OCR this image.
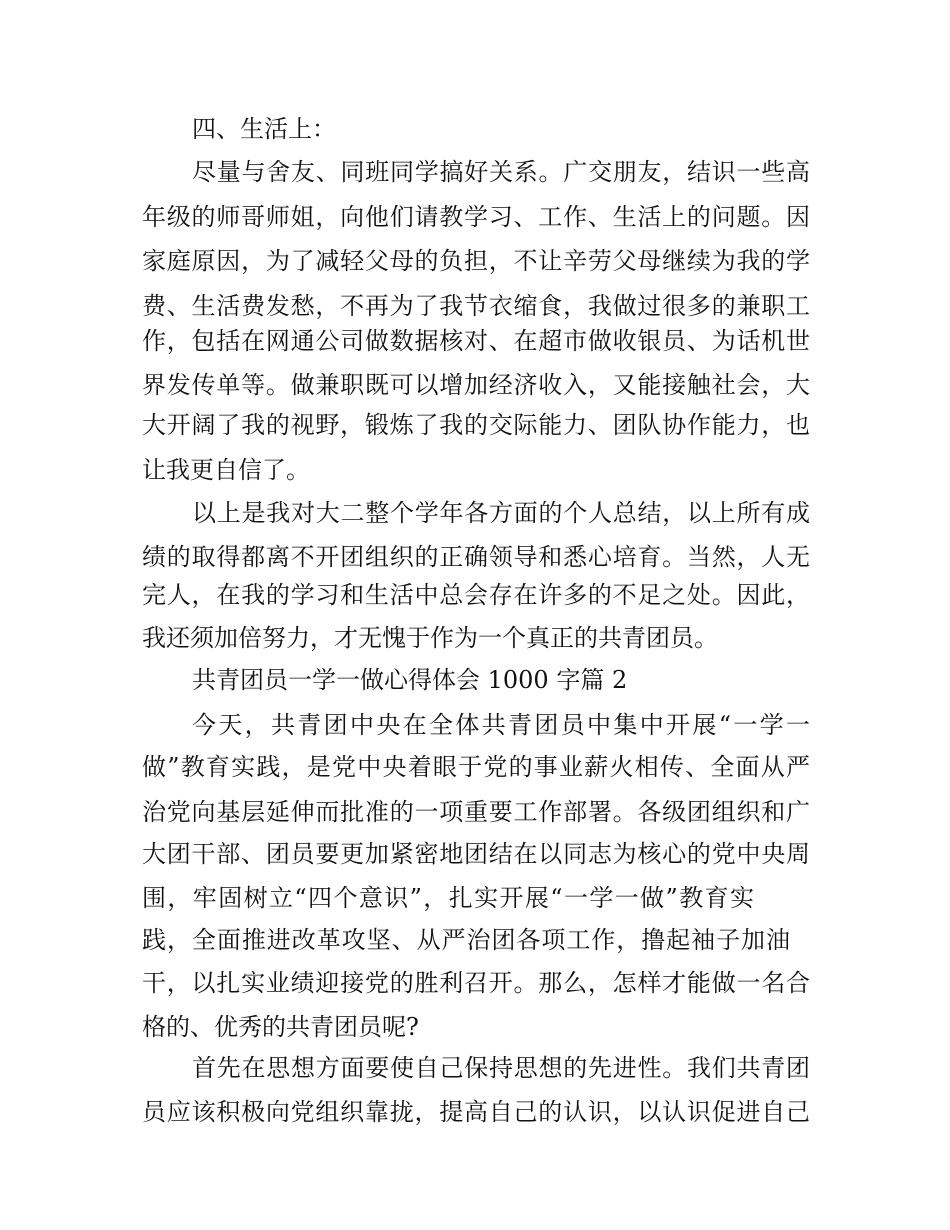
四、生活上：
尽量与舍友、同班同学搞好关系。广交朋友，结识一些高
年级的师哥师姐，向他们请教学习、工作、生活上的问题。因
家庭原因，为了减轻父母的负担，不让辛劳父母继续为我的学
费、生活费发愁，不再为了我节衣缩食，我做过很多的兼职工
作，包括在网通公司做数据核对、在超市做收银员、为话机世
界发传单等。做兼职既可以增加经济收入，又能接触社会，大
大开阔了我的视野，锻炼了我的交际能力、团队协作能力，也
让我更自信了。
以上是我对大二整个学年各方面的个人总结，以上所有成
绩的取得都离不开团组织的正确领导和悉心培育。当然，人无
完人，在我的学习和生活中总会存在许多的不足之处。因此，
我还须加倍努力，才无愧于作为一个真正的共青团员。
共青团员一学一做心得体会 1000 字篇 2
今天，共青团中央在全体共青团员中集中开展“一学一
做”教育实践，是党中央着眼于党的事业薪火相传、全面从严
治党向基层延伸而批准的一项重要工作部署。各级团组织和广
大团干部、团员要更加紧密地团结在以同志为核心的党中央周
围，牢固树立“四个意识”，扎实开展“一学一做”教育实
践，全面推进改革攻坚、从严治团各项工作，撸起袖子加油
干，以扎实业绩迎接党的胜利召开。那么，怎样才能做一名合
格的、优秀的共青团员呢?
首先在思想方面要使自己保持思想的先进性。我们共青团
员应该积极向党组织靠拢，提高自己的认识，以认识促进自己
